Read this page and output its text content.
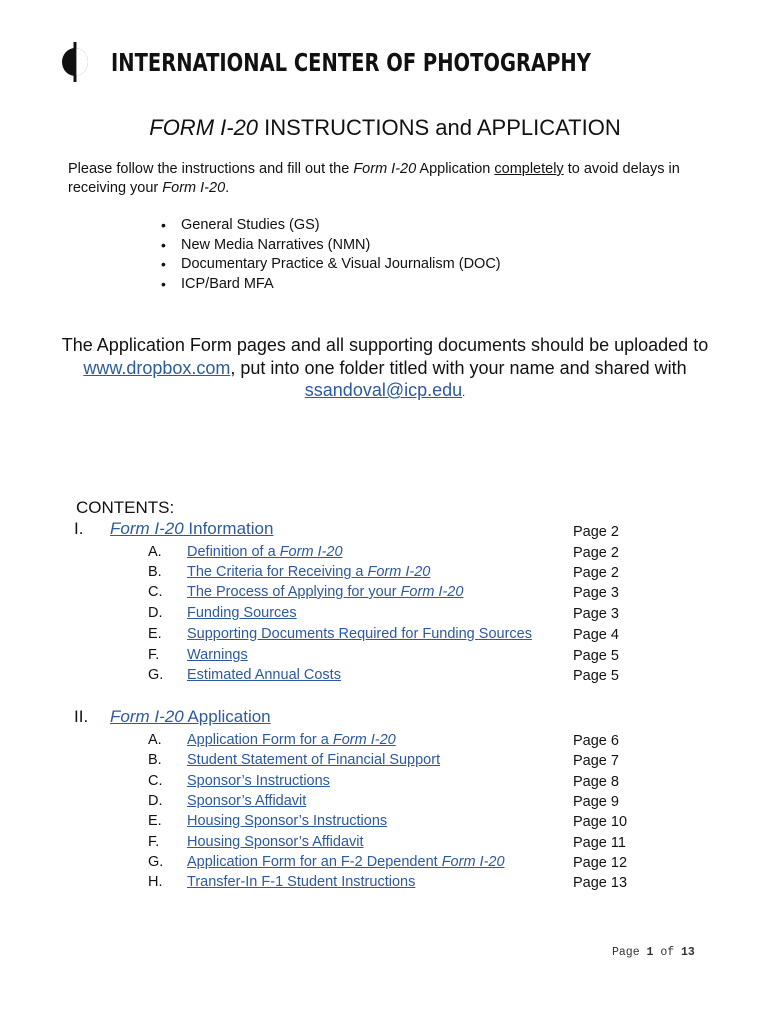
INTERNATIONAL CENTER OF PHOTOGRAPHY
FORM I-20 INSTRUCTIONS and APPLICATION
Please follow the instructions and fill out the Form I-20 Application completely to avoid delays in receiving your Form I-20.
• General Studies (GS)
• New Media Narratives (NMN)
• Documentary Practice & Visual Journalism (DOC)
• ICP/Bard MFA
The Application Form pages and all supporting documents should be uploaded to www.dropbox.com, put into one folder titled with your name and shared with
ssandoval@icp.edu.
CONTENTS:
I. Form I-20 Information	Page 2
A. Definition of a Form I-20	Page 2
B. The Criteria for Receiving a Form I-20	Page 2
C. The Process of Applying for your Form I-20	Page 3
D. Funding Sources	Page 3
E. Supporting Documents Required for Funding Sources	Page 4
F. Warnings	Page 5
G. Estimated Annual Costs	Page 5
II. Form I-20 Application
A. Application Form for a Form I-20	Page 6
B. Student Statement of Financial Support	Page 7
C. Sponsor’s Instructions	Page 8
D. Sponsor’s Affidavit	Page 9
E. Housing Sponsor’s Instructions	Page 10
F. Housing Sponsor’s Affidavit	Page 11
G. Application Form for an F-2 Dependent Form I-20	Page 12
H. Transfer-In F-1 Student Instructions	Page 13
Page 1 of 13
